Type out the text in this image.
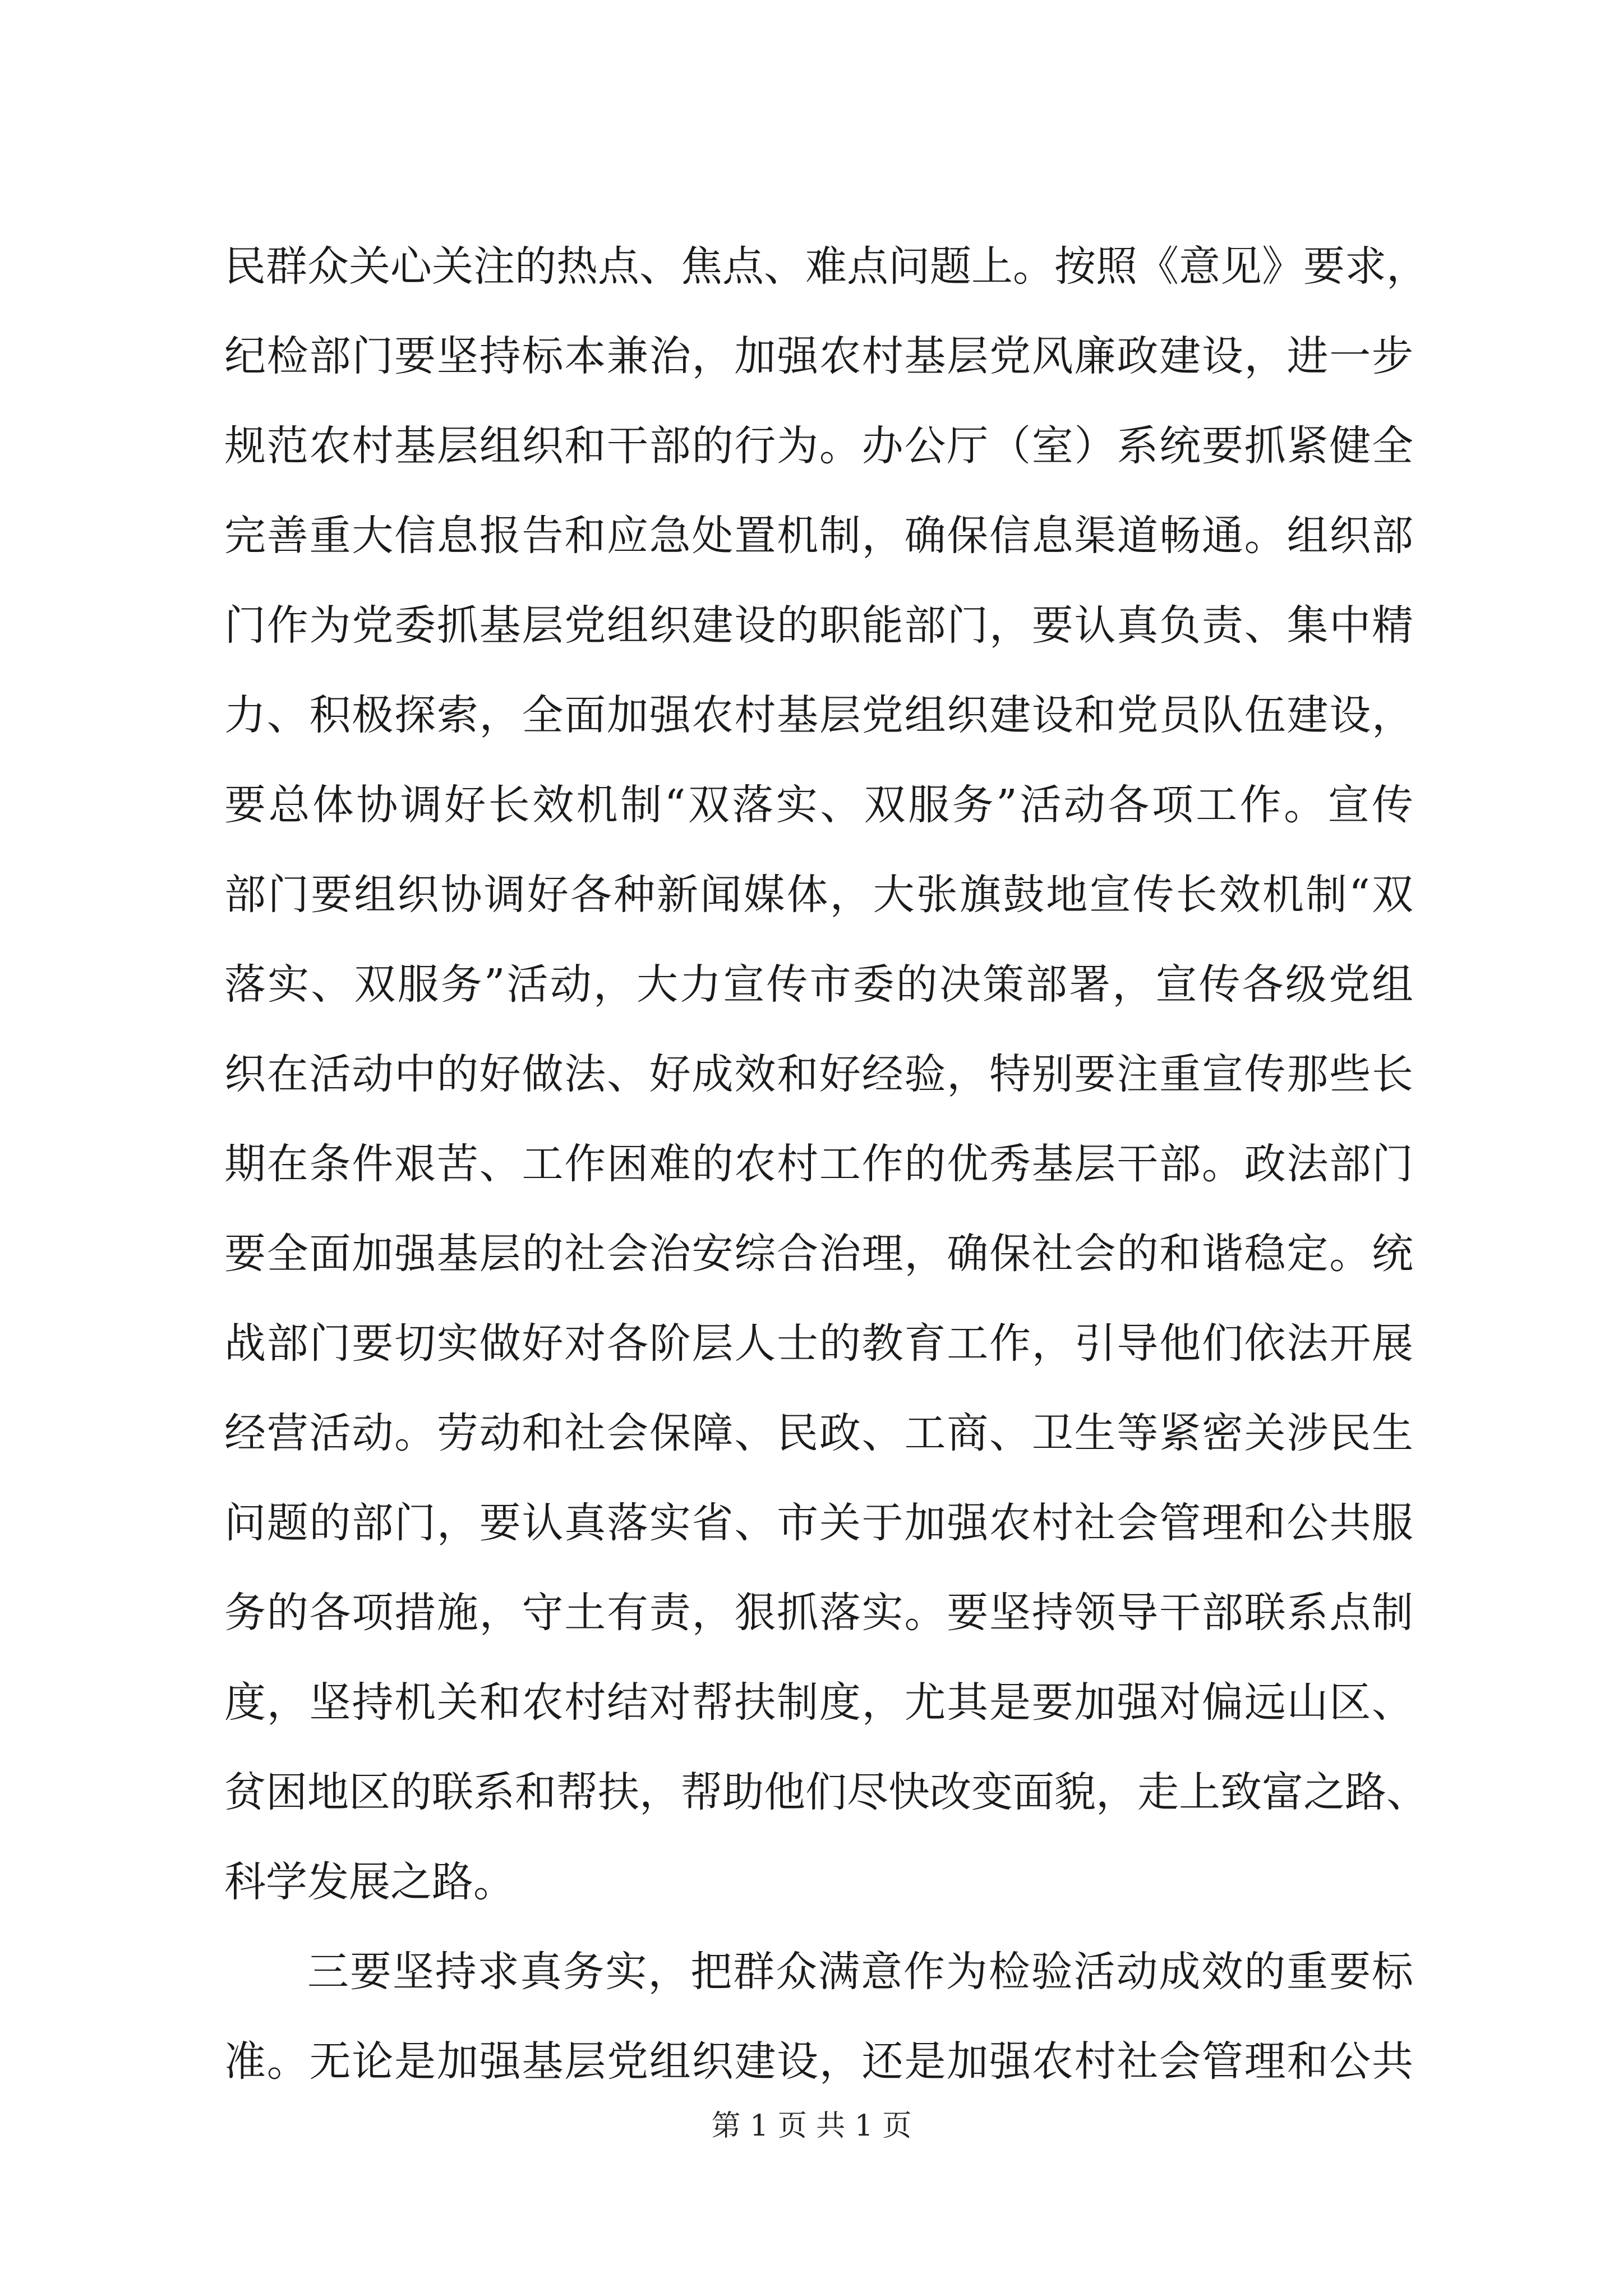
民群众关心关注的热点、焦点、难点问题上。按照《意见》要求，
纪检部门要坚持标本兼治，加强农村基层党风廉政建设，进一步
规范农村基层组织和干部的行为。办公厅（室）系统要抓紧健全
完善重大信息报告和应急处置机制，确保信息渠道畅通。组织部
门作为党委抓基层党组织建设的职能部门，要认真负责、集中精
力、积极探索，全面加强农村基层党组织建设和党员队伍建设，
要总体协调好长效机制“双落实、双服务”活动各项工作。宣传
部门要组织协调好各种新闻媒体，大张旗鼓地宣传长效机制“双
落实、双服务”活动，大力宣传市委的决策部署，宣传各级党组
织在活动中的好做法、好成效和好经验，特别要注重宣传那些长
期在条件艰苦、工作困难的农村工作的优秀基层干部。政法部门
要全面加强基层的社会治安综合治理，确保社会的和谐稳定。统
战部门要切实做好对各阶层人士的教育工作，引导他们依法开展
经营活动。劳动和社会保障、民政、工商、卫生等紧密关涉民生
问题的部门，要认真落实省、市关于加强农村社会管理和公共服
务的各项措施，守土有责，狠抓落实。要坚持领导干部联系点制
度，坚持机关和农村结对帮扶制度，尤其是要加强对偏远山区、
贫困地区的联系和帮扶，帮助他们尽快改变面貌，走上致富之路、
科学发展之路。
三要坚持求真务实，把群众满意作为检验活动成效的重要标
准。无论是加强基层党组织建设，还是加强农村社会管理和公共
第 1 页 共 1 页
